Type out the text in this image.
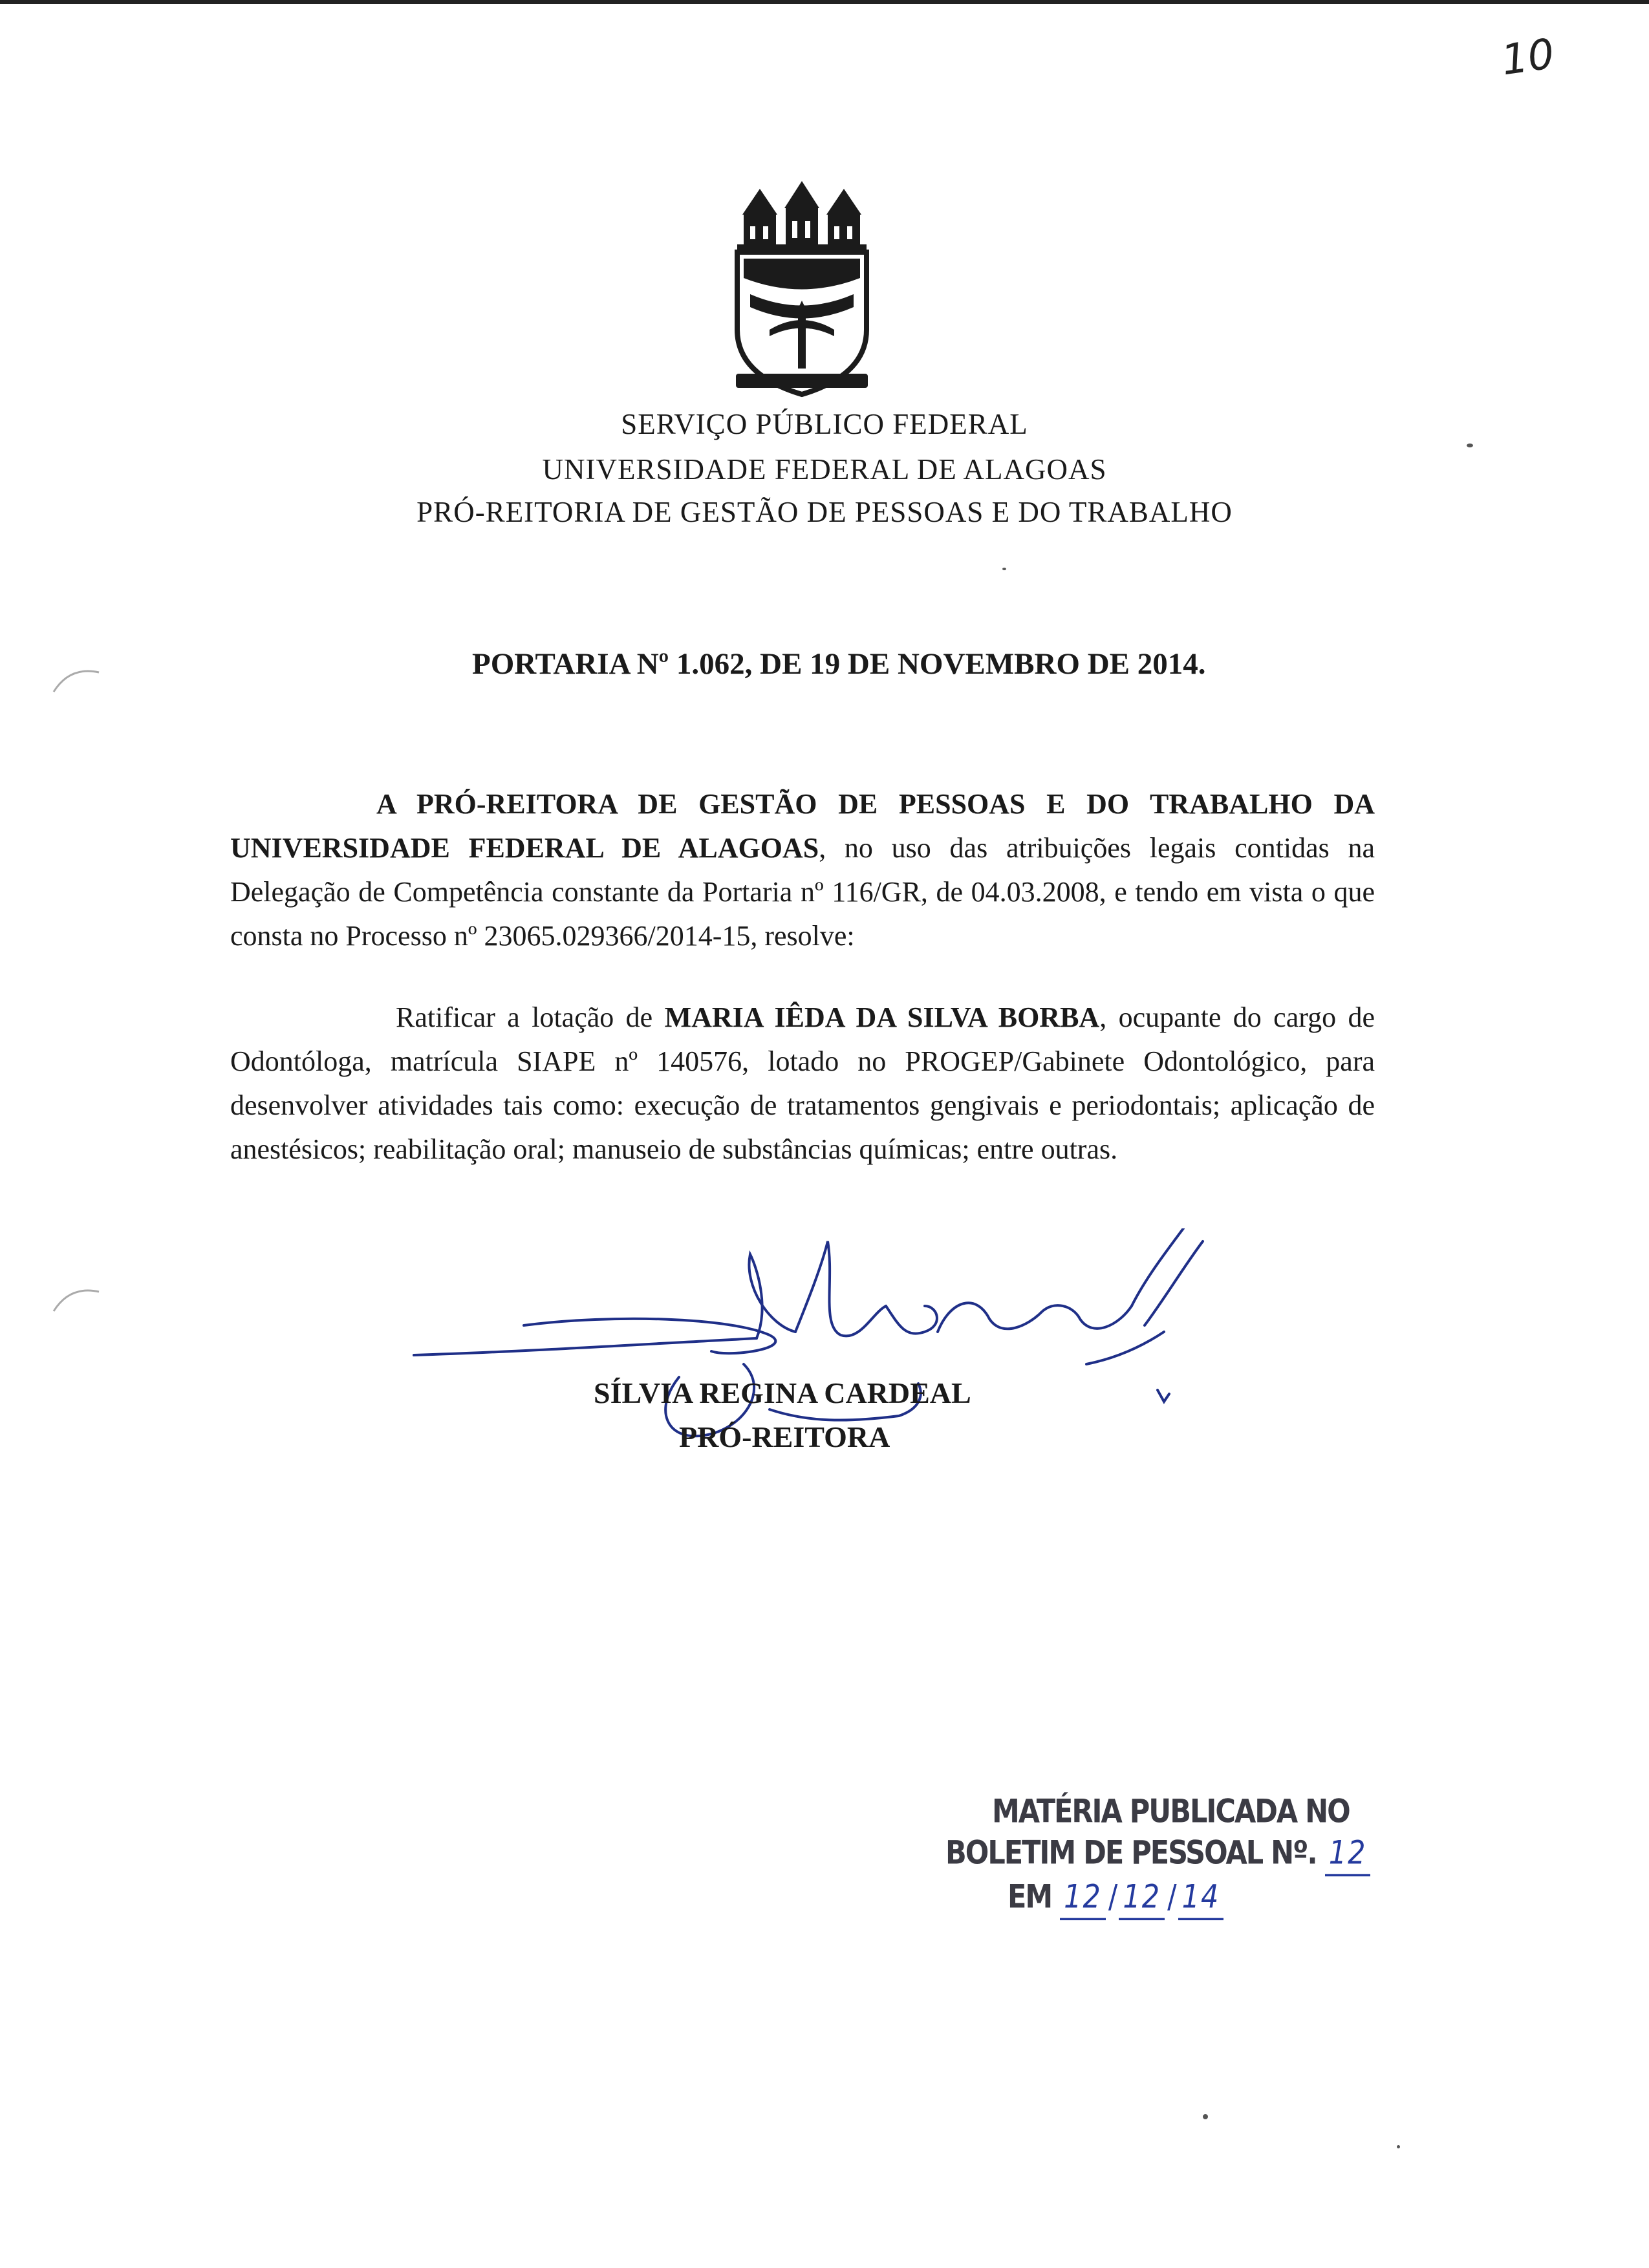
10
SERVIÇO PÚBLICO FEDERAL
UNIVERSIDADE FEDERAL DE ALAGOAS
PRÓ-REITORIA DE GESTÃO DE PESSOAS E DO TRABALHO
PORTARIA Nº 1.062, DE 19 DE NOVEMBRO DE 2014.
A PRÓ-REITORA DE GESTÃO DE PESSOAS E DO TRABALHO DA UNIVERSIDADE FEDERAL DE ALAGOAS, no uso das atribuições legais contidas na Delegação de Competência constante da Portaria nº 116/GR, de 04.03.2008, e tendo em vista o que consta no Processo nº 23065.029366/2014-15, resolve:
Ratificar a lotação de MARIA IÊDA DA SILVA BORBA, ocupante do cargo de Odontóloga, matrícula SIAPE nº 140576, lotado no PROGEP/Gabinete Odontológico, para desenvolver atividades tais como: execução de tratamentos gengivais e periodontais; aplicação de anestésicos; reabilitação oral; manuseio de substâncias químicas; entre outras.
SÍLVIA REGINA CARDEAL
PRÓ-REITORA
MATÉRIA PUBLICADA NO
BOLETIM DE PESSOAL Nº. 12
EM 12 / 12 / 14
